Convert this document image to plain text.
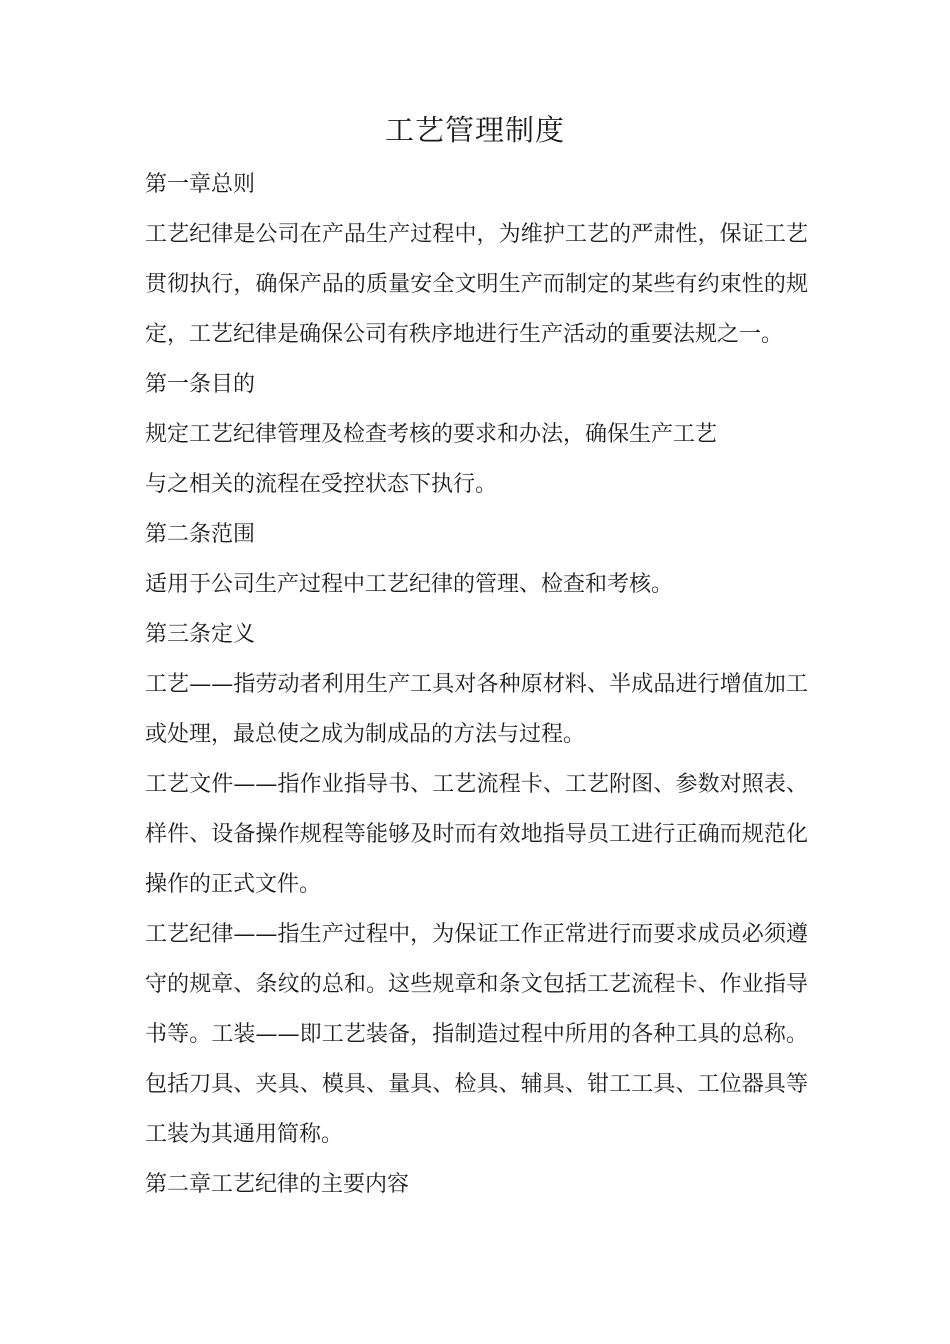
工艺管理制度
第一章总则
工艺纪律是公司在产品生产过程中，为维护工艺的严肃性，保证工艺
贯彻执行，确保产品的质量安全文明生产而制定的某些有约束性的规
定，工艺纪律是确保公司有秩序地进行生产活动的重要法规之一。
第一条目的
规定工艺纪律管理及检查考核的要求和办法，确保生产工艺
与之相关的流程在受控状态下执行。
第二条范围
适用于公司生产过程中工艺纪律的管理、检查和考核。
第三条定义
工艺——指劳动者利用生产工具对各种原材料、半成品进行增值加工
或处理，最总使之成为制成品的方法与过程。
工艺文件——指作业指导书、工艺流程卡、工艺附图、参数对照表、
样件、设备操作规程等能够及时而有效地指导员工进行正确而规范化
操作的正式文件。
工艺纪律——指生产过程中，为保证工作正常进行而要求成员必须遵
守的规章、条纹的总和。这些规章和条文包括工艺流程卡、作业指导
书等。工装——即工艺装备，指制造过程中所用的各种工具的总称。
包括刀具、夹具、模具、量具、检具、辅具、钳工工具、工位器具等
工装为其通用简称。
第二章工艺纪律的主要内容
